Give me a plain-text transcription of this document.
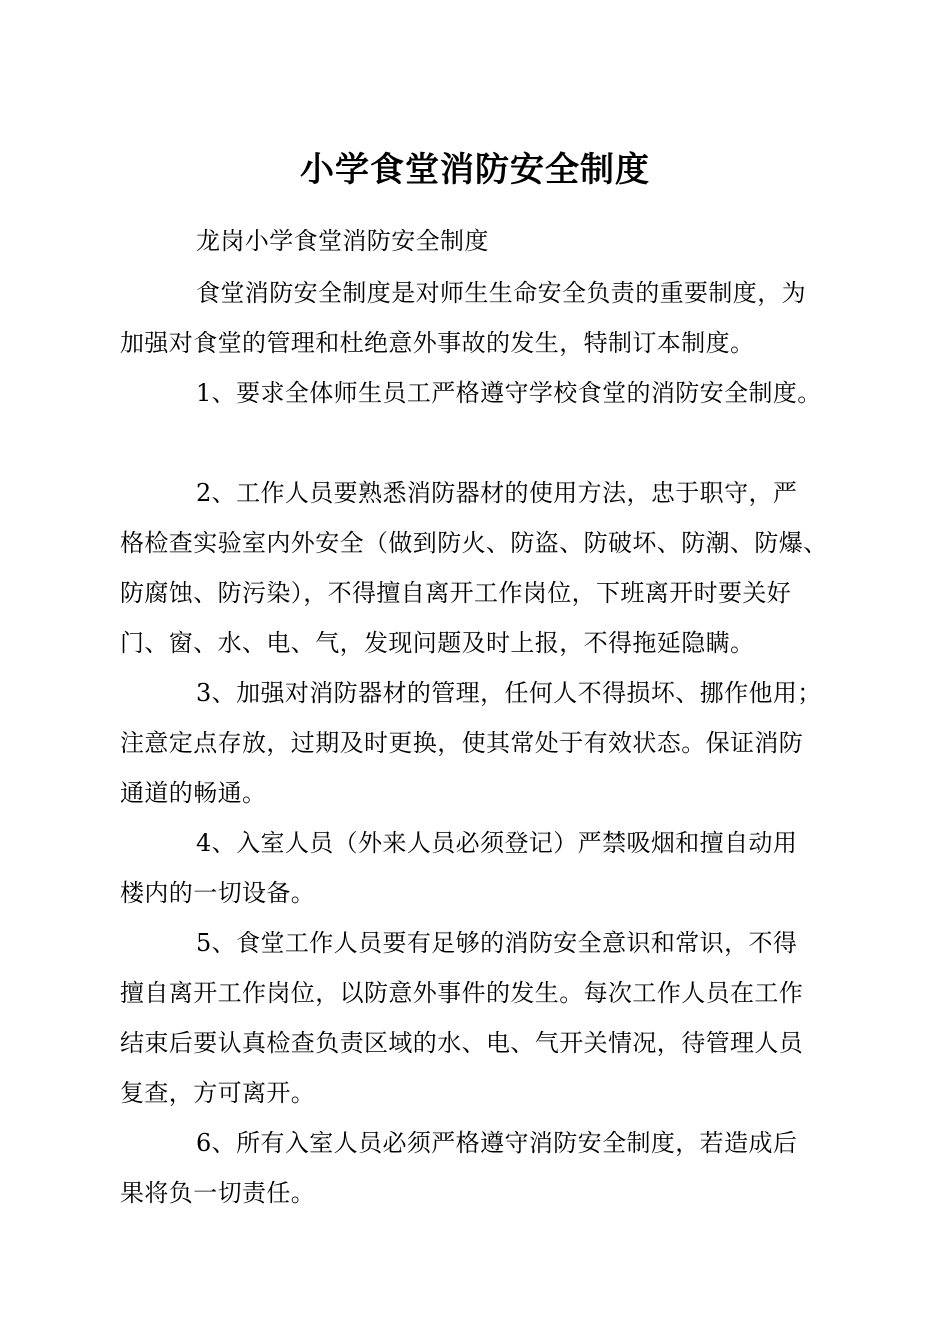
小学食堂消防安全制度

龙岗小学食堂消防安全制度

食堂消防安全制度是对师生生命安全负责的重要制度，为

加强对食堂的管理和杜绝意外事故的发生，特制订本制度。

1、要求全体师生员工严格遵守学校食堂的消防安全制度。

2、工作人员要熟悉消防器材的使用方法，忠于职守，严

格检查实验室内外安全（做到防火、防盗、防破坏、防潮、防爆、

防腐蚀、防污染），不得擅自离开工作岗位，下班离开时要关好

门、窗、水、电、气，发现问题及时上报，不得拖延隐瞒。

3、加强对消防器材的管理，任何人不得损坏、挪作他用；

注意定点存放，过期及时更换，使其常处于有效状态。保证消防

通道的畅通。

4、入室人员（外来人员必须登记）严禁吸烟和擅自动用

楼内的一切设备。

5、食堂工作人员要有足够的消防安全意识和常识，不得

擅自离开工作岗位，以防意外事件的发生。每次工作人员在工作

结束后要认真检查负责区域的水、电、气开关情况，待管理人员

复查，方可离开。

6、所有入室人员必须严格遵守消防安全制度，若造成后

果将负一切责任。
